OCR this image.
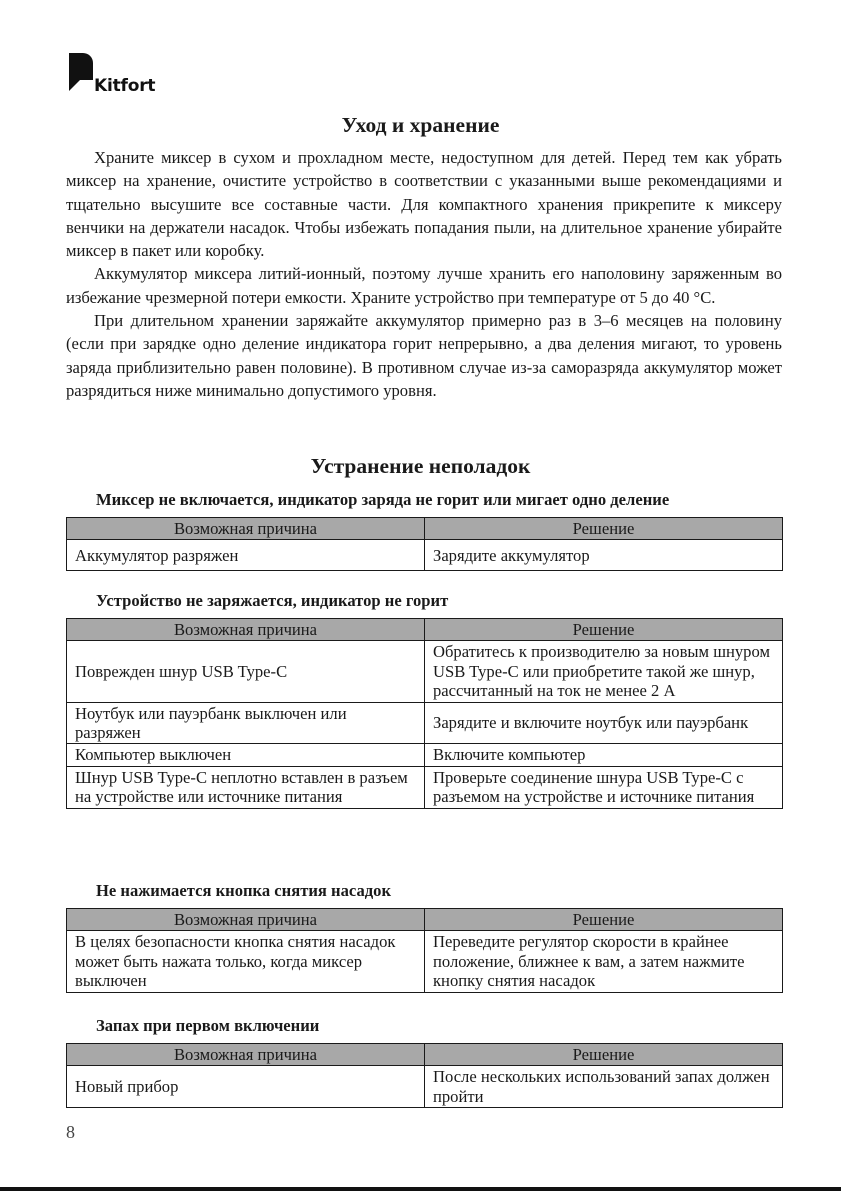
Kitfort
Уход и хранение

Храните миксер в сухом и прохладном месте, недоступном для детей. Перед тем как убрать миксер на хранение, очистите устройство в соответствии с указанными выше рекомендациями и тщательно высушите все составные части. Для компактного хранения прикрепите к миксеру венчики на держатели насадок. Чтобы избежать попадания пыли, на длительное хранение убирайте миксер в пакет или коробку.

Аккумулятор миксера литий-ионный, поэтому лучше хранить его наполовину заряженным во избежание чрезмерной потери емкости. Храните устройство при температуре от 5 до 40 °С.

При длительном хранении заряжайте аккумулятор примерно раз в 3–6 месяцев на половину (если при зарядке одно деление индикатора горит непрерывно, а два деления мигают, то уровень заряда приблизительно равен половине). В противном случае из-за саморазряда аккумулятор может разрядиться ниже минимально допустимого уровня.

Устранение неполадок
Миксер не включается, индикатор заряда не горит или мигает одно деление
Возможная причина	Решение
Аккумулятор разряжен	Зарядите аккумулятор
Устройство не заряжается, индикатор не горит
Возможная причина	Решение
Поврежден шнур USB Type-C	Обратитесь к производителю за новым шнуром USB Type-C или приобретите такой же шнур, рассчитанный на ток не менее 2 А
Ноутбук или пауэрбанк выключен или разряжен	Зарядите и включите ноутбук или пауэрбанк
Компьютер выключен	Включите компьютер
Шнур USB Type-C неплотно вставлен в разъем на устройстве или источнике питания	Проверьте соединение шнура USB Type-C с разъемом на устройстве и источнике питания
Не нажимается кнопка снятия насадок
Возможная причина	Решение
В целях безопасности кнопка снятия насадок может быть нажата только, когда миксер выключен	Переведите регулятор скорости в крайнее положение, ближнее к вам, а затем нажмите кнопку снятия насадок
Запах при первом включении
Возможная причина	Решение
Новый прибор	После нескольких использований запах должен пройти
8
